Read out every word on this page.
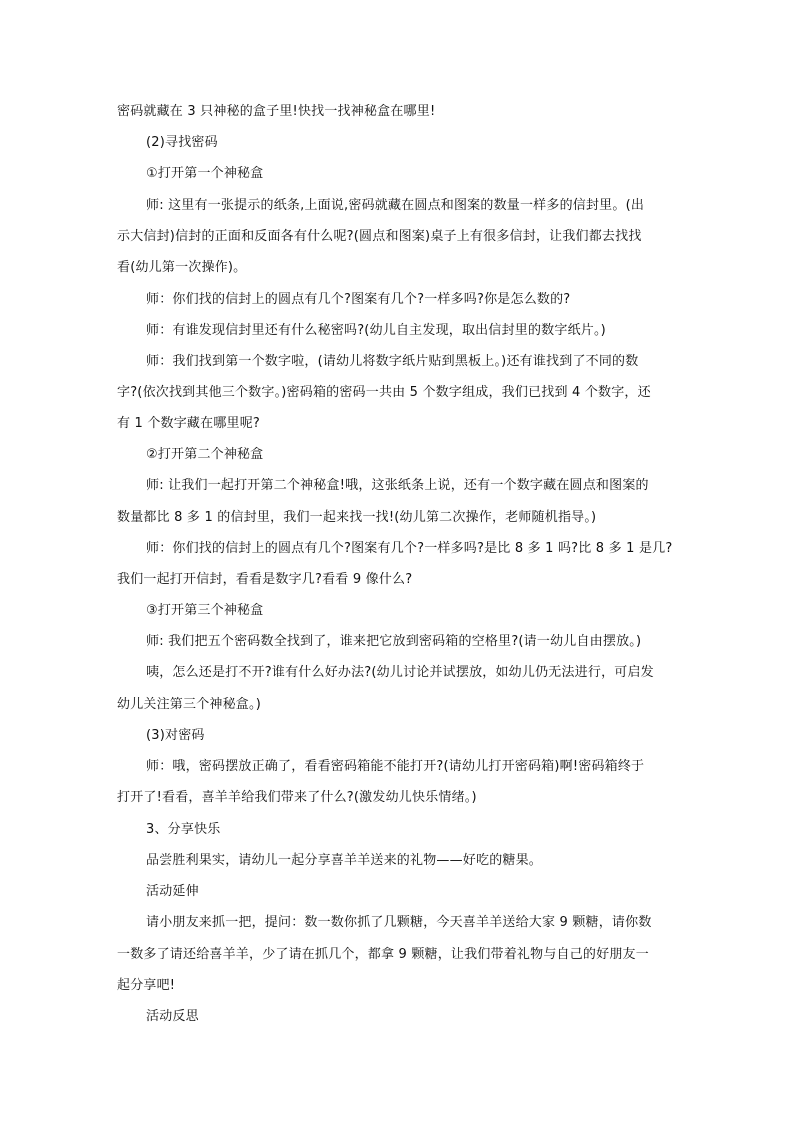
密码就藏在 3 只神秘的盒子里!快找一找神秘盒在哪里!
(2)寻找密码
①打开第一个神秘盒
师: 这里有一张提示的纸条,上面说,密码就藏在圆点和图案的数量一样多的信封里。(出
示大信封)信封的正面和反面各有什么呢?(圆点和图案)桌子上有很多信封，让我们都去找找
看(幼儿第一次操作)。
师：你们找的信封上的圆点有几个?图案有几个?一样多吗?你是怎么数的?
师：有谁发现信封里还有什么秘密吗?(幼儿自主发现，取出信封里的数字纸片。)
师：我们找到第一个数字啦，(请幼儿将数字纸片贴到黑板上。)还有谁找到了不同的数
字?(依次找到其他三个数字。)密码箱的密码一共由 5 个数字组成，我们已找到 4 个数字，还
有 1 个数字藏在哪里呢?
②打开第二个神秘盒
师: 让我们一起打开第二个神秘盒!哦，这张纸条上说，还有一个数字藏在圆点和图案的
数量都比 8 多 1 的信封里，我们一起来找一找!(幼儿第二次操作，老师随机指导。)
师：你们找的信封上的圆点有几个?图案有几个?一样多吗?是比 8 多 1 吗?比 8 多 1 是几?
我们一起打开信封，看看是数字几?看看 9 像什么?
③打开第三个神秘盒
师: 我们把五个密码数全找到了，谁来把它放到密码箱的空格里?(请一幼儿自由摆放。)
咦，怎么还是打不开?谁有什么好办法?(幼儿讨论并试摆放，如幼儿仍无法进行，可启发
幼儿关注第三个神秘盒。)
(3)对密码
师：哦，密码摆放正确了，看看密码箱能不能打开?(请幼儿打开密码箱)啊!密码箱终于
打开了!看看，喜羊羊给我们带来了什么?(激发幼儿快乐情绪。)
3、分享快乐
品尝胜利果实，请幼儿一起分享喜羊羊送来的礼物——好吃的糖果。
活动延伸
请小朋友来抓一把，提问：数一数你抓了几颗糖，今天喜羊羊送给大家 9 颗糖，请你数
一数多了请还给喜羊羊，少了请在抓几个，都拿 9 颗糖，让我们带着礼物与自己的好朋友一
起分享吧!
活动反思
